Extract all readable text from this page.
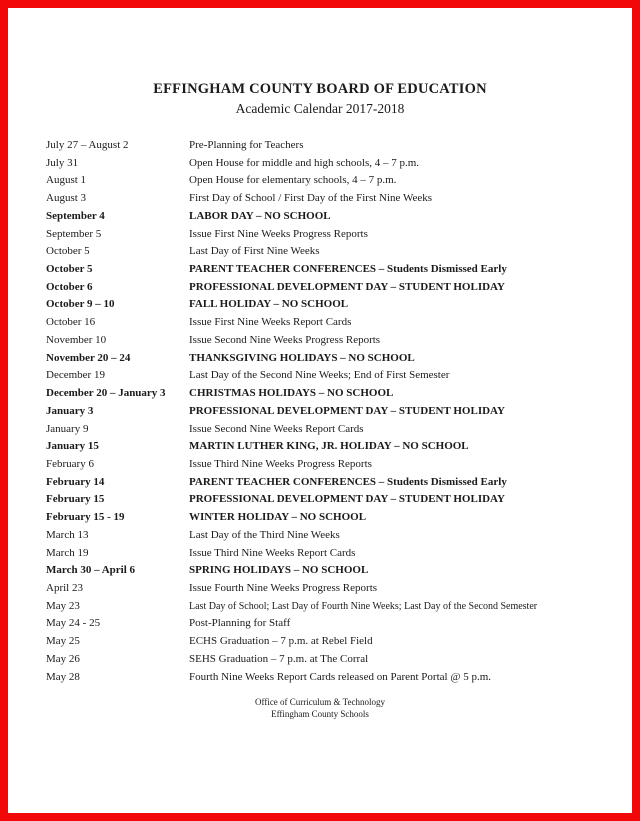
EFFINGHAM COUNTY BOARD OF EDUCATION
Academic Calendar 2017-2018
July 27 – August 2	Pre-Planning for Teachers
July 31	Open House for middle and high schools, 4 – 7 p.m.
August 1	Open House for elementary schools, 4 – 7 p.m.
August 3	First Day of School / First Day of the First Nine Weeks
September 4	LABOR DAY – NO SCHOOL
September 5	Issue First Nine Weeks Progress Reports
October 5	Last Day of First Nine Weeks
October 5	PARENT TEACHER CONFERENCES – Students Dismissed Early
October 6	PROFESSIONAL DEVELOPMENT DAY – STUDENT HOLIDAY
October 9 – 10	FALL HOLIDAY – NO SCHOOL
October 16	Issue First Nine Weeks Report Cards
November 10	Issue Second Nine Weeks Progress Reports
November 20 – 24	THANKSGIVING HOLIDAYS – NO SCHOOL
December 19	Last Day of the Second Nine Weeks; End of First Semester
December 20 – January 3	CHRISTMAS HOLIDAYS – NO SCHOOL
January 3	PROFESSIONAL DEVELOPMENT DAY – STUDENT HOLIDAY
January 9	Issue Second Nine Weeks Report Cards
January 15	MARTIN LUTHER KING, JR. HOLIDAY – NO SCHOOL
February 6	Issue Third Nine Weeks Progress Reports
February 14	PARENT TEACHER CONFERENCES – Students Dismissed Early
February 15	PROFESSIONAL DEVELOPMENT DAY – STUDENT HOLIDAY
February 15 - 19	WINTER HOLIDAY – NO SCHOOL
March 13	Last Day of the Third Nine Weeks
March 19	Issue Third Nine Weeks Report Cards
March 30 – April 6	SPRING HOLIDAYS – NO SCHOOL
April 23	Issue Fourth Nine Weeks Progress Reports
May 23	Last Day of School; Last Day of Fourth Nine Weeks; Last Day of the Second Semester
May 24 - 25	Post-Planning for Staff
May 25	ECHS Graduation – 7 p.m. at Rebel Field
May 26	SEHS Graduation – 7 p.m. at The Corral
May 28	Fourth Nine Weeks Report Cards released on Parent Portal @ 5 p.m.
Office of Curriculum & Technology
Effingham County Schools
